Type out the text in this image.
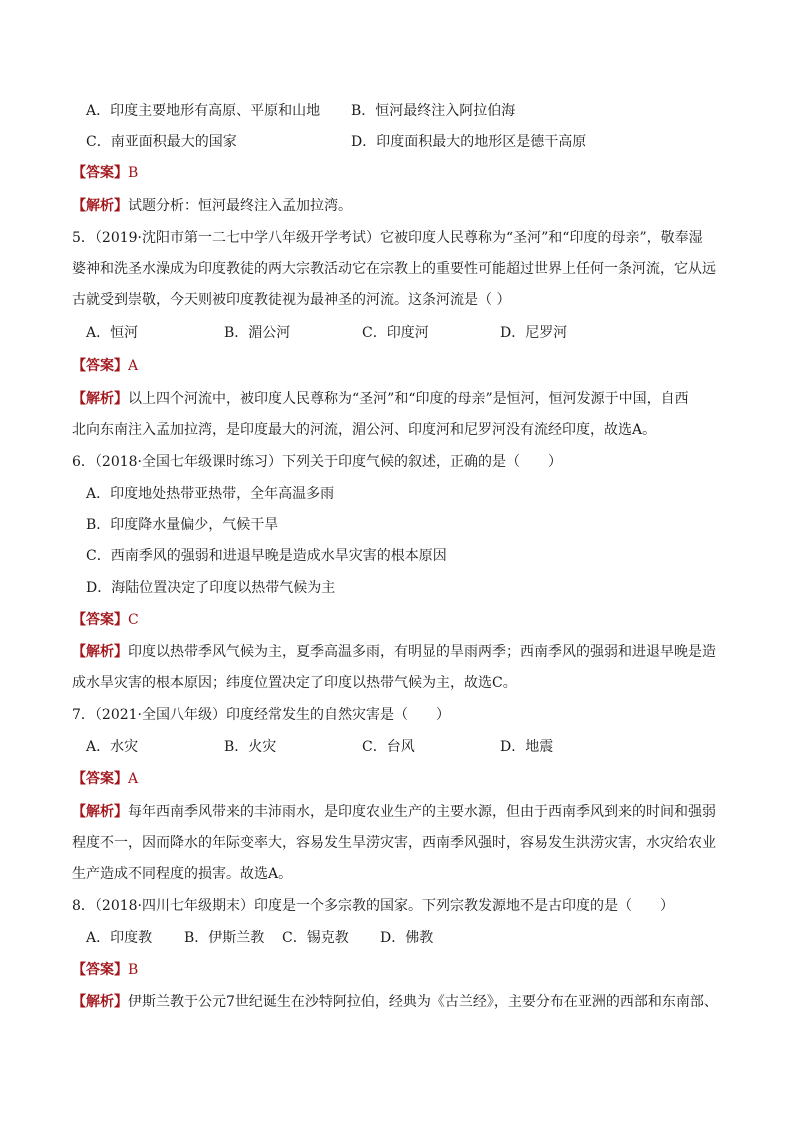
A．印度主要地形有高原、平原和山地 B．恒河最终注入阿拉伯海
C．南亚面积最大的国家	D．印度面积最大的地形区是德干高原
【答案】B
【解析】试题分析：恒河最终注入孟加拉湾。
5．（2019·沈阳市第一二七中学八年级开学考试）它被印度人民尊称为“圣河”和“印度的母亲”，敬奉湿
婆神和洗圣水澡成为印度教徒的两大宗教活动它在宗教上的重要性可能超过世界上任何一条河流，它从远
古就受到崇敬，今天则被印度教徒视为最神圣的河流。这条河流是（ ）
A．恒河	B．湄公河	C．印度河	D．尼罗河
【答案】A
【解析】以上四个河流中，被印度人民尊称为“圣河”和“印度的母亲”是恒河，恒河发源于中国，自西
北向东南注入孟加拉湾，是印度最大的河流，湄公河、印度河和尼罗河没有流经印度，故选A。
6．（2018·全国七年级课时练习）下列关于印度气候的叙述，正确的是（　　）
A．印度地处热带亚热带，全年高温多雨
B．印度降水量偏少，气候干旱
C．西南季风的强弱和进退早晚是造成水旱灾害的根本原因
D．海陆位置决定了印度以热带气候为主
【答案】C
【解析】印度以热带季风气候为主，夏季高温多雨，有明显的旱雨两季；西南季风的强弱和进退早晚是造
成水旱灾害的根本原因；纬度位置决定了印度以热带气候为主，故选C。
7．（2021·全国八年级）印度经常发生的自然灾害是（　　）
A．水灾	B．火灾	C．台风	D．地震
【答案】A
【解析】每年西南季风带来的丰沛雨水，是印度农业生产的主要水源，但由于西南季风到来的时间和强弱
程度不一，因而降水的年际变率大，容易发生旱涝灾害，西南季风强时，容易发生洪涝灾害，水灾给农业
生产造成不同程度的损害。故选A。
8．（2018·四川七年级期末）印度是一个多宗教的国家。下列宗教发源地不是古印度的是（　　）
A．印度教 B．伊斯兰教 C．锡克教 D．佛教
【答案】B
【解析】伊斯兰教于公元7世纪诞生在沙特阿拉伯，经典为《古兰经》，主要分布在亚洲的西部和东南部、
